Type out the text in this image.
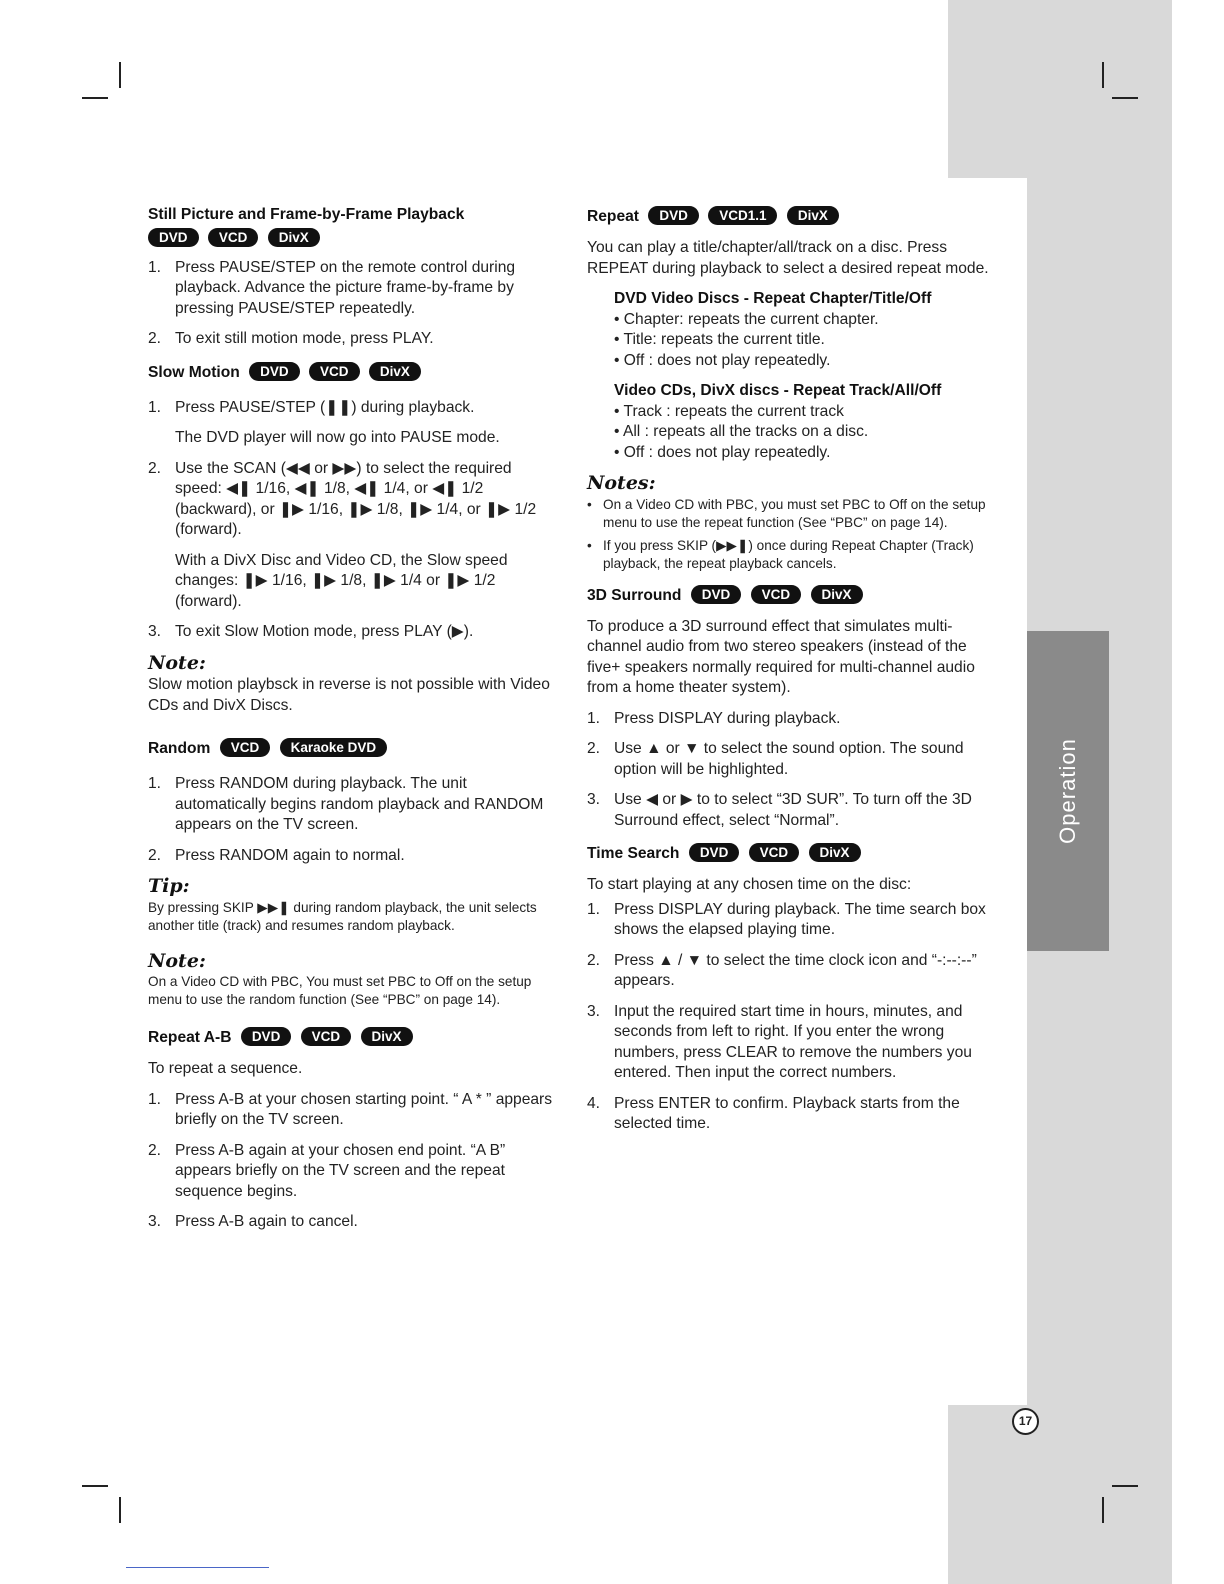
Operation
Still Picture and Frame-by-Frame Playback
DVD VCD DivX
1. Press PAUSE/STEP on the remote control during playback. Advance the picture frame-by-frame by pressing PAUSE/STEP repeatedly.
2. To exit still motion mode, press PLAY.
Slow Motion DVD VCD DivX
1. Press PAUSE/STEP (❚❚) during playback.

The DVD player will now go into PAUSE mode.

2. Use the SCAN (◀◀ or ▶▶) to select the required speed: ◀❚ 1/16, ◀❚ 1/8, ◀❚ 1/4, or ◀❚ 1/2 (backward), or ❚▶ 1/16, ❚▶ 1/8, ❚▶ 1/4, or ❚▶ 1/2 (forward).

With a DivX Disc and Video CD, the Slow speed changes: ❚▶ 1/16, ❚▶ 1/8, ❚▶ 1/4 or ❚▶ 1/2 (forward).

3. To exit Slow Motion mode, press PLAY (▶).
Note:

Slow motion playbsck in reverse is not possible with Video CDs and DivX Discs.

Random VCD Karaoke DVD
1. Press RANDOM during playback. The unit automatically begins random playback and RANDOM appears on the TV screen.
2. Press RANDOM again to normal.
Tip:

By pressing SKIP ▶▶❚ during random playback, the unit selects another title (track) and resumes random playback.

Note:

On a Video CD with PBC, You must set PBC to Off on the setup menu to use the random function (See “PBC” on page 14).

Repeat A-B DVD VCD DivX

To repeat a sequence.

1. Press A-B at your chosen starting point. “ A * ” appears briefly on the TV screen.
2. Press A-B again at your chosen end point. “A B” appears briefly on the TV screen and the repeat sequence begins.
3. Press A-B again to cancel.
Repeat DVD VCD1.1 DivX

You can play a title/chapter/all/track on a disc. Press REPEAT during playback to select a desired repeat mode.

DVD Video Discs - Repeat Chapter/Title/Off
• Chapter: repeats the current chapter.
• Title: repeats the current title.
• Off : does not play repeatedly.
Video CDs, DivX discs - Repeat Track/All/Off
• Track : repeats the current track
• All : repeats all the tracks on a disc.
• Off : does not play repeatedly.
Notes:
• On a Video CD with PBC, you must set PBC to Off on the setup menu to use the repeat function (See “PBC” on page 14).
• If you press SKIP (▶▶❚) once during Repeat Chapter (Track) playback, the repeat playback cancels.
3D Surround DVD VCD DivX

To produce a 3D surround effect that simulates multi-channel audio from two stereo speakers (instead of the five+ speakers normally required for multi-channel audio from a home theater system).

1. Press DISPLAY during playback.
2. Use ▲ or ▼ to select the sound option. The sound option will be highlighted.
3. Use ◀ or ▶ to to select “3D SUR”. To turn off the 3D Surround effect, select “Normal”.
Time Search DVD VCD DivX

To start playing at any chosen time on the disc:

1. Press DISPLAY during playback. The time search box shows the elapsed playing time.
2. Press ▲ / ▼ to select the time clock icon and “-:--:--” appears.
3. Input the required start time in hours, minutes, and seconds from left to right. If you enter the wrong numbers, press CLEAR to remove the numbers you entered. Then input the correct numbers.
4. Press ENTER to confirm. Playback starts from the selected time.
17
